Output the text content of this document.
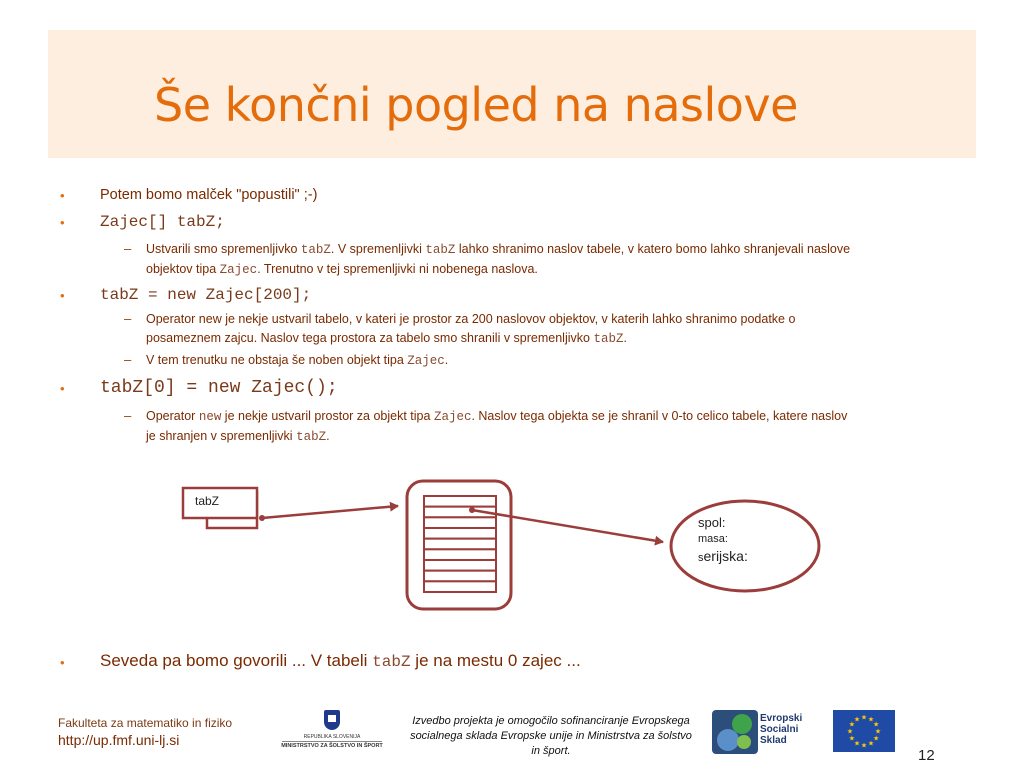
Še končni pogled na naslove
• Potem bomo malček "popustili" ;-)
• Zajec[] tabZ;
– Ustvarili smo spremenljivko tabZ. V spremenljivki tabZ lahko shranimo naslov tabele, v katero bomo lahko shranjevali naslove
objektov tipa Zajec. Trenutno v tej spremenljivki ni nobenega naslova.
• tabZ = new Zajec[200];
– Operator new je nekje ustvaril tabelo, v kateri je prostor za 200 naslovov objektov, v katerih lahko shranimo podatke o
posameznem zajcu. Naslov tega prostora za tabelo smo shranili v spremenljivko tabZ.
– V tem trenutku ne obstaja še noben objekt tipa Zajec.
• tabZ[0] = new Zajec();
– Operator new je nekje ustvaril prostor za objekt tipa Zajec. Naslov tega objekta se je shranil v 0-to celico tabele, katere naslov
je shranjen v spremenljivki tabZ.
tabZ
spol:
masa:
serijska:
• Seveda pa bomo govorili ... V tabeli tabZ je na mestu 0 zajec ...
Fakulteta za matematiko in fiziko
http://up.fmf.uni-lj.si	REPUBLIKA SLOVENIJA
MINISTRSTVO ZA ŠOLSTVO IN ŠPORT
Izvedbo projekta je omogočilo sofinanciranje Evropskega socialnega sklada Evropske unije in Ministrstva za šolstvo in šport.
Evropski
Socialni
Sklad
★ ★
★
★
★
★
★
★
★
★
★
★
12
